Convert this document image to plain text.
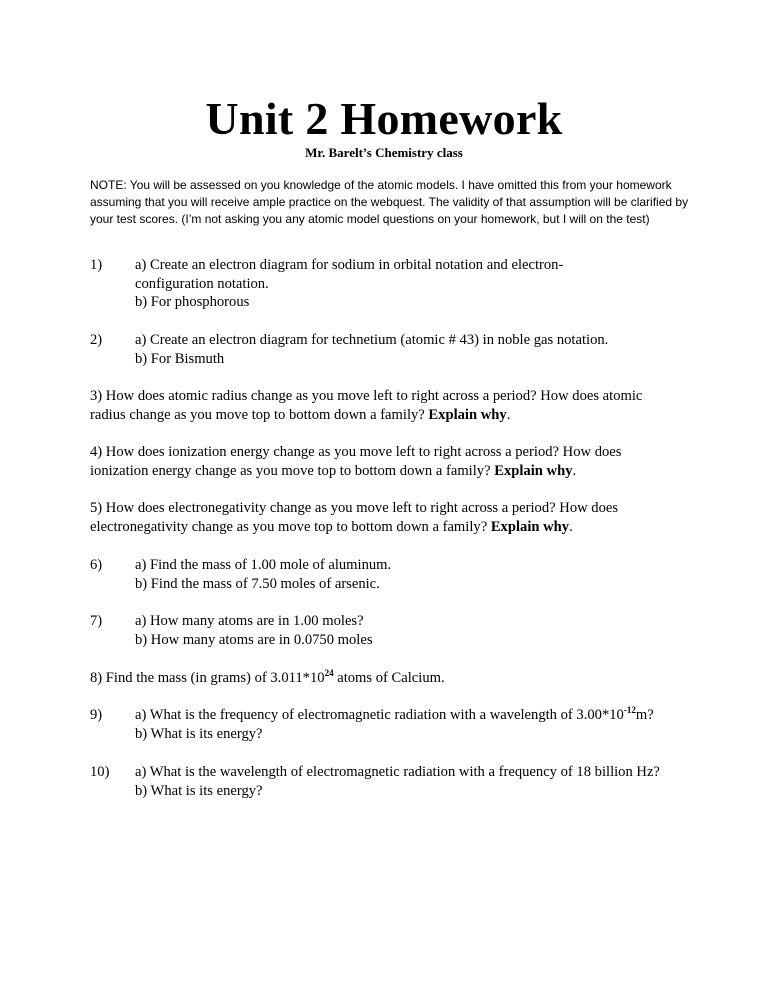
Unit 2 Homework
Mr. Barelt’s Chemistry class
NOTE: You will be assessed on you knowledge of the atomic models. I have omitted this from your homework assuming that you will receive ample practice on the webquest. The validity of that assumption will be clarified by your test scores. (I’m not asking you any atomic model questions on your homework, but I will on the test)
1) a) Create an electron diagram for sodium in orbital notation and electron-
configuration notation.
b) For phosphorous
2) a) Create an electron diagram for technetium (atomic # 43) in noble gas notation.
b) For Bismuth
3) How does atomic radius change as you move left to right across a period? How does atomic radius change as you move top to bottom down a family? Explain why.
4) How does ionization energy change as you move left to right across a period? How does ionization energy change as you move top to bottom down a family? Explain why.
5) How does electronegativity change as you move left to right across a period? How does electronegativity change as you move top to bottom down a family? Explain why.
6) a) Find the mass of 1.00 mole of aluminum.
b) Find the mass of 7.50 moles of arsenic.
7) a) How many atoms are in 1.00 moles?
b) How many atoms are in 0.0750 moles
8) Find the mass (in grams) of $3.011*10^{24}$ atoms of Calcium.
9) a) What is the frequency of electromagnetic radiation with a wavelength of $3.00*10^{-12}m$?
b) What is its energy?
10) a) What is the wavelength of electromagnetic radiation with a frequency of 18 billion Hz?
b) What is its energy?
